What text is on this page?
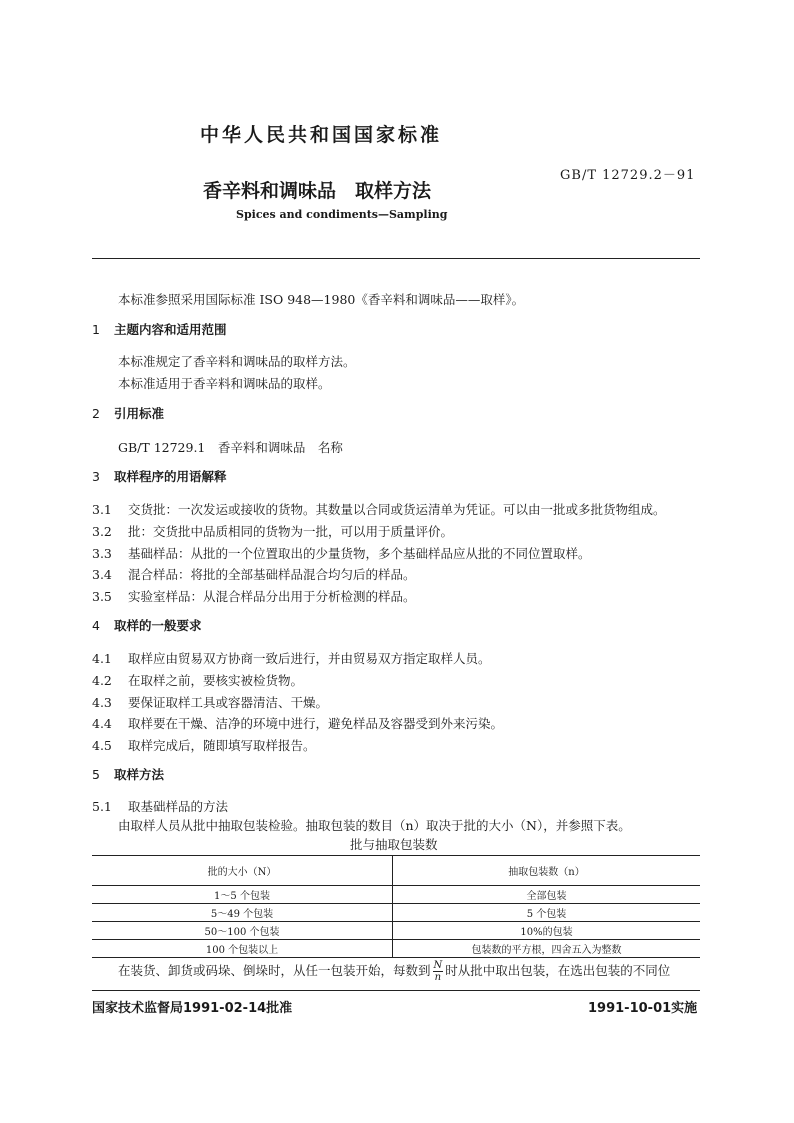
中华人民共和国国家标准
GB/T 12729.2－91
香辛料和调味品　取样方法
Spices and condiments—Sampling
本标准参照采用国际标准 ISO 948—1980《香辛料和调味品——取样》。
1 主题内容和适用范围
本标准规定了香辛料和调味品的取样方法。
本标准适用于香辛料和调味品的取样。
2 引用标准
GB/T 12729.1　香辛料和调味品　名称
3 取样程序的用语解释
3.1 交货批：一次发运或接收的货物。其数量以合同或货运清单为凭证。可以由一批或多批货物组成。
3.2 批：交货批中品质相同的货物为一批，可以用于质量评价。
3.3 基础样品：从批的一个位置取出的少量货物，多个基础样品应从批的不同位置取样。
3.4 混合样品：将批的全部基础样品混合均匀后的样品。
3.5 实验室样品：从混合样品分出用于分析检测的样品。
4 取样的一般要求
4.1 取样应由贸易双方协商一致后进行，并由贸易双方指定取样人员。
4.2 在取样之前，要核实被检货物。
4.3 要保证取样工具或容器清洁、干燥。
4.4 取样要在干燥、洁净的环境中进行，避免样品及容器受到外来污染。
4.5 取样完成后，随即填写取样报告。
5 取样方法
5.1 取基础样品的方法
由取样人员从批中抽取包装检验。抽取包装的数目（n）取决于批的大小（N），并参照下表。
批与抽取包装数
批的大小（N）	抽取包装数（n）
1～5 个包装	全部包装
5～49 个包装	5 个包装
50～100 个包装	10%的包装
100 个包装以上	包装数的平方根，四舍五入为整数
在装货、卸货或码垛、倒垛时，从任一包装开始，每数到 $\frac{N}{n}$ 时从批中取出包装，在选出包装的不同位
国家技术监督局1991-02-14批准	1991-10-01实施
